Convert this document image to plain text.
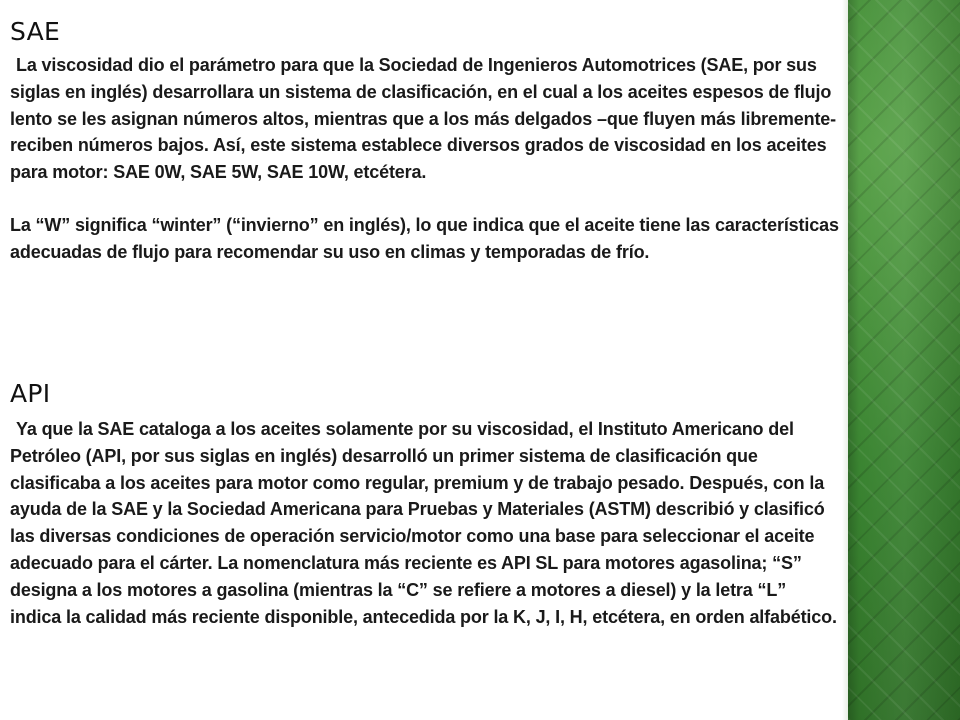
SAE

La viscosidad dio el parámetro para que la Sociedad de Ingenieros Automotrices (SAE, por sus siglas en inglés) desarrollara un sistema de clasificación, en el cual a los aceites espesos de flujo lento se les asignan números altos, mientras que a los más delgados –que fluyen más libremente- reciben números bajos. Así, este sistema establece diversos grados de viscosidad en los aceites para motor: SAE 0W, SAE 5W, SAE 10W, etcétera.

La “W” significa “winter” (“invierno” en inglés), lo que indica que el aceite tiene las características adecuadas de flujo para recomendar su uso en climas y temporadas de frío.

API

Ya que la SAE cataloga a los aceites solamente por su viscosidad, el Instituto Americano del Petróleo (API, por sus siglas en inglés) desarrolló un primer sistema de clasificación que clasificaba a los aceites para motor como regular, premium y de trabajo pesado. Después, con la ayuda de la SAE y la Sociedad Americana para Pruebas y Materiales (ASTM) describió y clasificó las diversas condiciones de operación servicio/motor como una base para seleccionar el aceite adecuado para el cárter. La nomenclatura más reciente es API SL para motores agasolina; “S” designa a los motores a gasolina (mientras la “C” se refiere a motores a diesel) y la letra “L” indica la calidad más reciente disponible, antecedida por la K, J, I, H, etcétera, en orden alfabético.
